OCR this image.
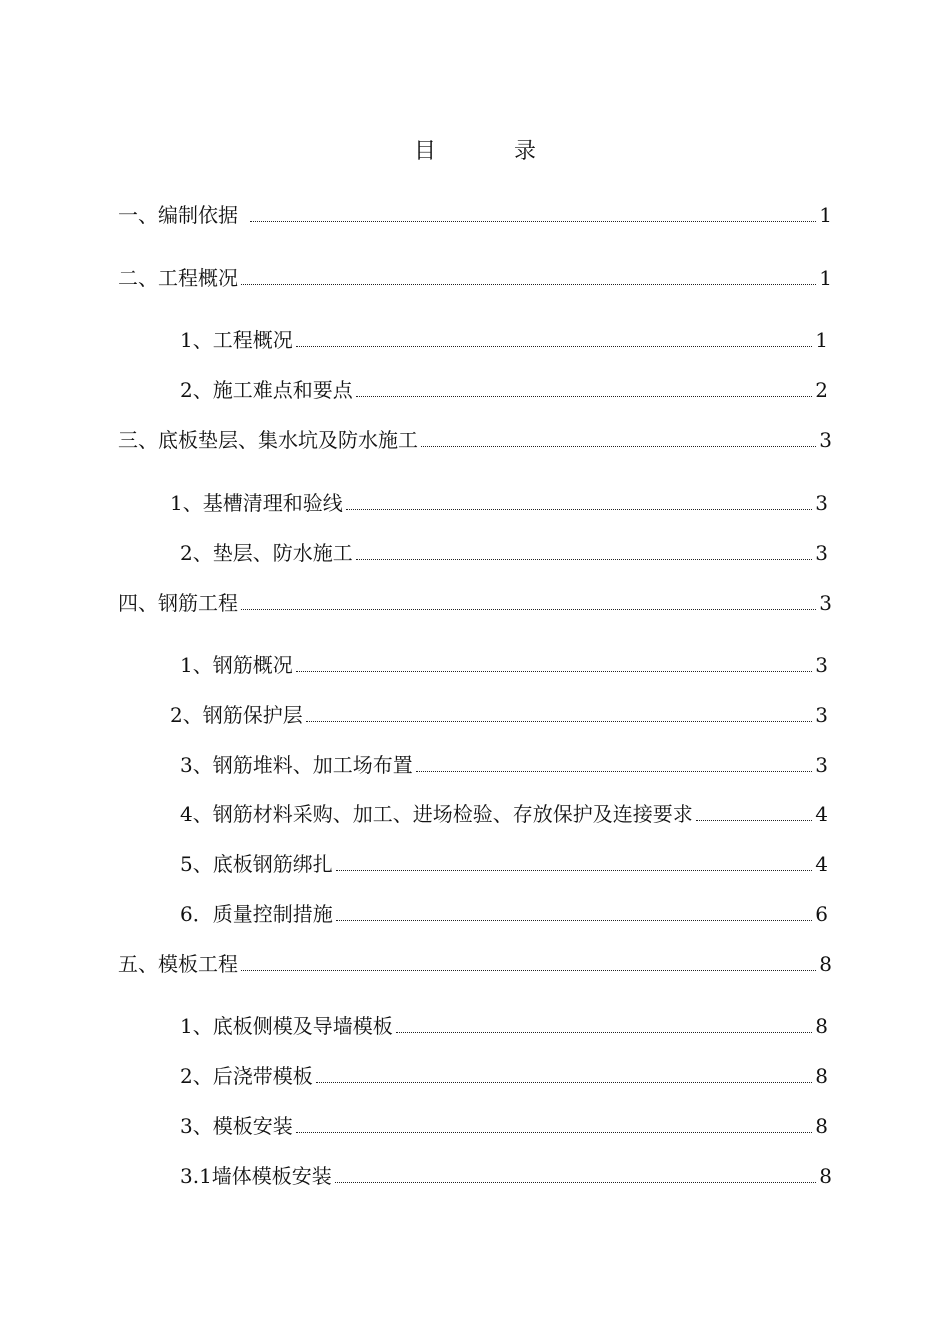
目	录
一、编制依据	1
二、工程概况	1
1、工程概况	1
2、施工难点和要点	2
三、底板垫层、集水坑及防水施工	3
1、基槽清理和验线	3
2、垫层、防水施工	3
四、钢筋工程	3
1、钢筋概况	3
2、钢筋保护层	3
3、钢筋堆料、加工场布置	3
4、钢筋材料采购、加工、进场检验、存放保护及连接要求	4
5、底板钢筋绑扎	4
6．质量控制措施	6
五、模板工程	8
1、底板侧模及导墙模板	8
2、后浇带模板	8
3、模板安装	8
3.1墙体模板安装	8
